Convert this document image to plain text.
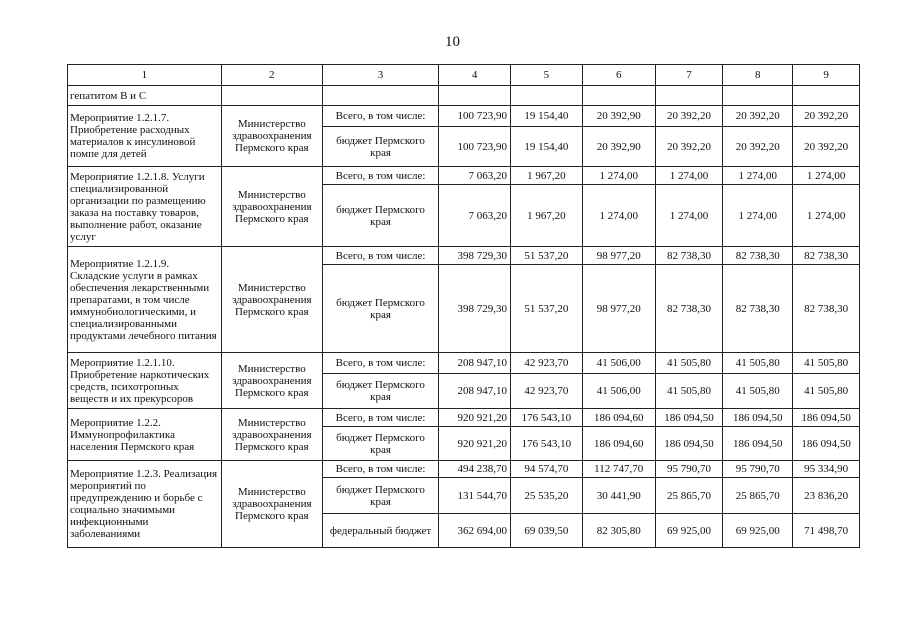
10
1	2	3	4	5	6	7	8	9
гепатитом В и С								
Мероприятие 1.2.1.7. Приобретение расходных материалов к инсулиновой помпе для детей	Министерство здравоохранения Пермского края	Всего, в том числе:	100 723,90	19 154,40	20 392,90	20 392,20	20 392,20	20 392,20
		бюджет Пермского края	100 723,90	19 154,40	20 392,90	20 392,20	20 392,20	20 392,20
Мероприятие 1.2.1.8. Услуги специализированной организации по размещению заказа на поставку товаров, выполнение работ, оказание услуг	Министерство здравоохранения Пермского края	Всего, в том числе:	7 063,20	1 967,20	1 274,00	1 274,00	1 274,00	1 274,00
		бюджет Пермского края	7 063,20	1 967,20	1 274,00	1 274,00	1 274,00	1 274,00
Мероприятие 1.2.1.9. Складские услуги в рамках обеспечения лекарственными препаратами, в том числе иммунобиологическими, и специализированными продуктами лечебного питания	Министерство здравоохранения Пермского края	Всего, в том числе:	398 729,30	51 537,20	98 977,20	82 738,30	82 738,30	82 738,30
		бюджет Пермского края	398 729,30	51 537,20	98 977,20	82 738,30	82 738,30	82 738,30
Мероприятие 1.2.1.10. Приобретение наркотических средств, психотропных веществ и их прекурсоров	Министерство здравоохранения Пермского края	Всего, в том числе:	208 947,10	42 923,70	41 506,00	41 505,80	41 505,80	41 505,80
		бюджет Пермского края	208 947,10	42 923,70	41 506,00	41 505,80	41 505,80	41 505,80
Мероприятие 1.2.2. Иммунопрофилактика населения Пермского края	Министерство здравоохранения Пермского края	Всего, в том числе:	920 921,20	176 543,10	186 094,60	186 094,50	186 094,50	186 094,50
		бюджет Пермского края	920 921,20	176 543,10	186 094,60	186 094,50	186 094,50	186 094,50
Мероприятие 1.2.3. Реализация мероприятий по предупреждению и борьбе с социально значимыми инфекционными заболеваниями	Министерство здравоохранения Пермского края	Всего, в том числе:	494 238,70	94 574,70	112 747,70	95 790,70	95 790,70	95 334,90
		бюджет Пермского края	131 544,70	25 535,20	30 441,90	25 865,70	25 865,70	23 836,20
		федеральный бюджет	362 694,00	69 039,50	82 305,80	69 925,00	69 925,00	71 498,70
